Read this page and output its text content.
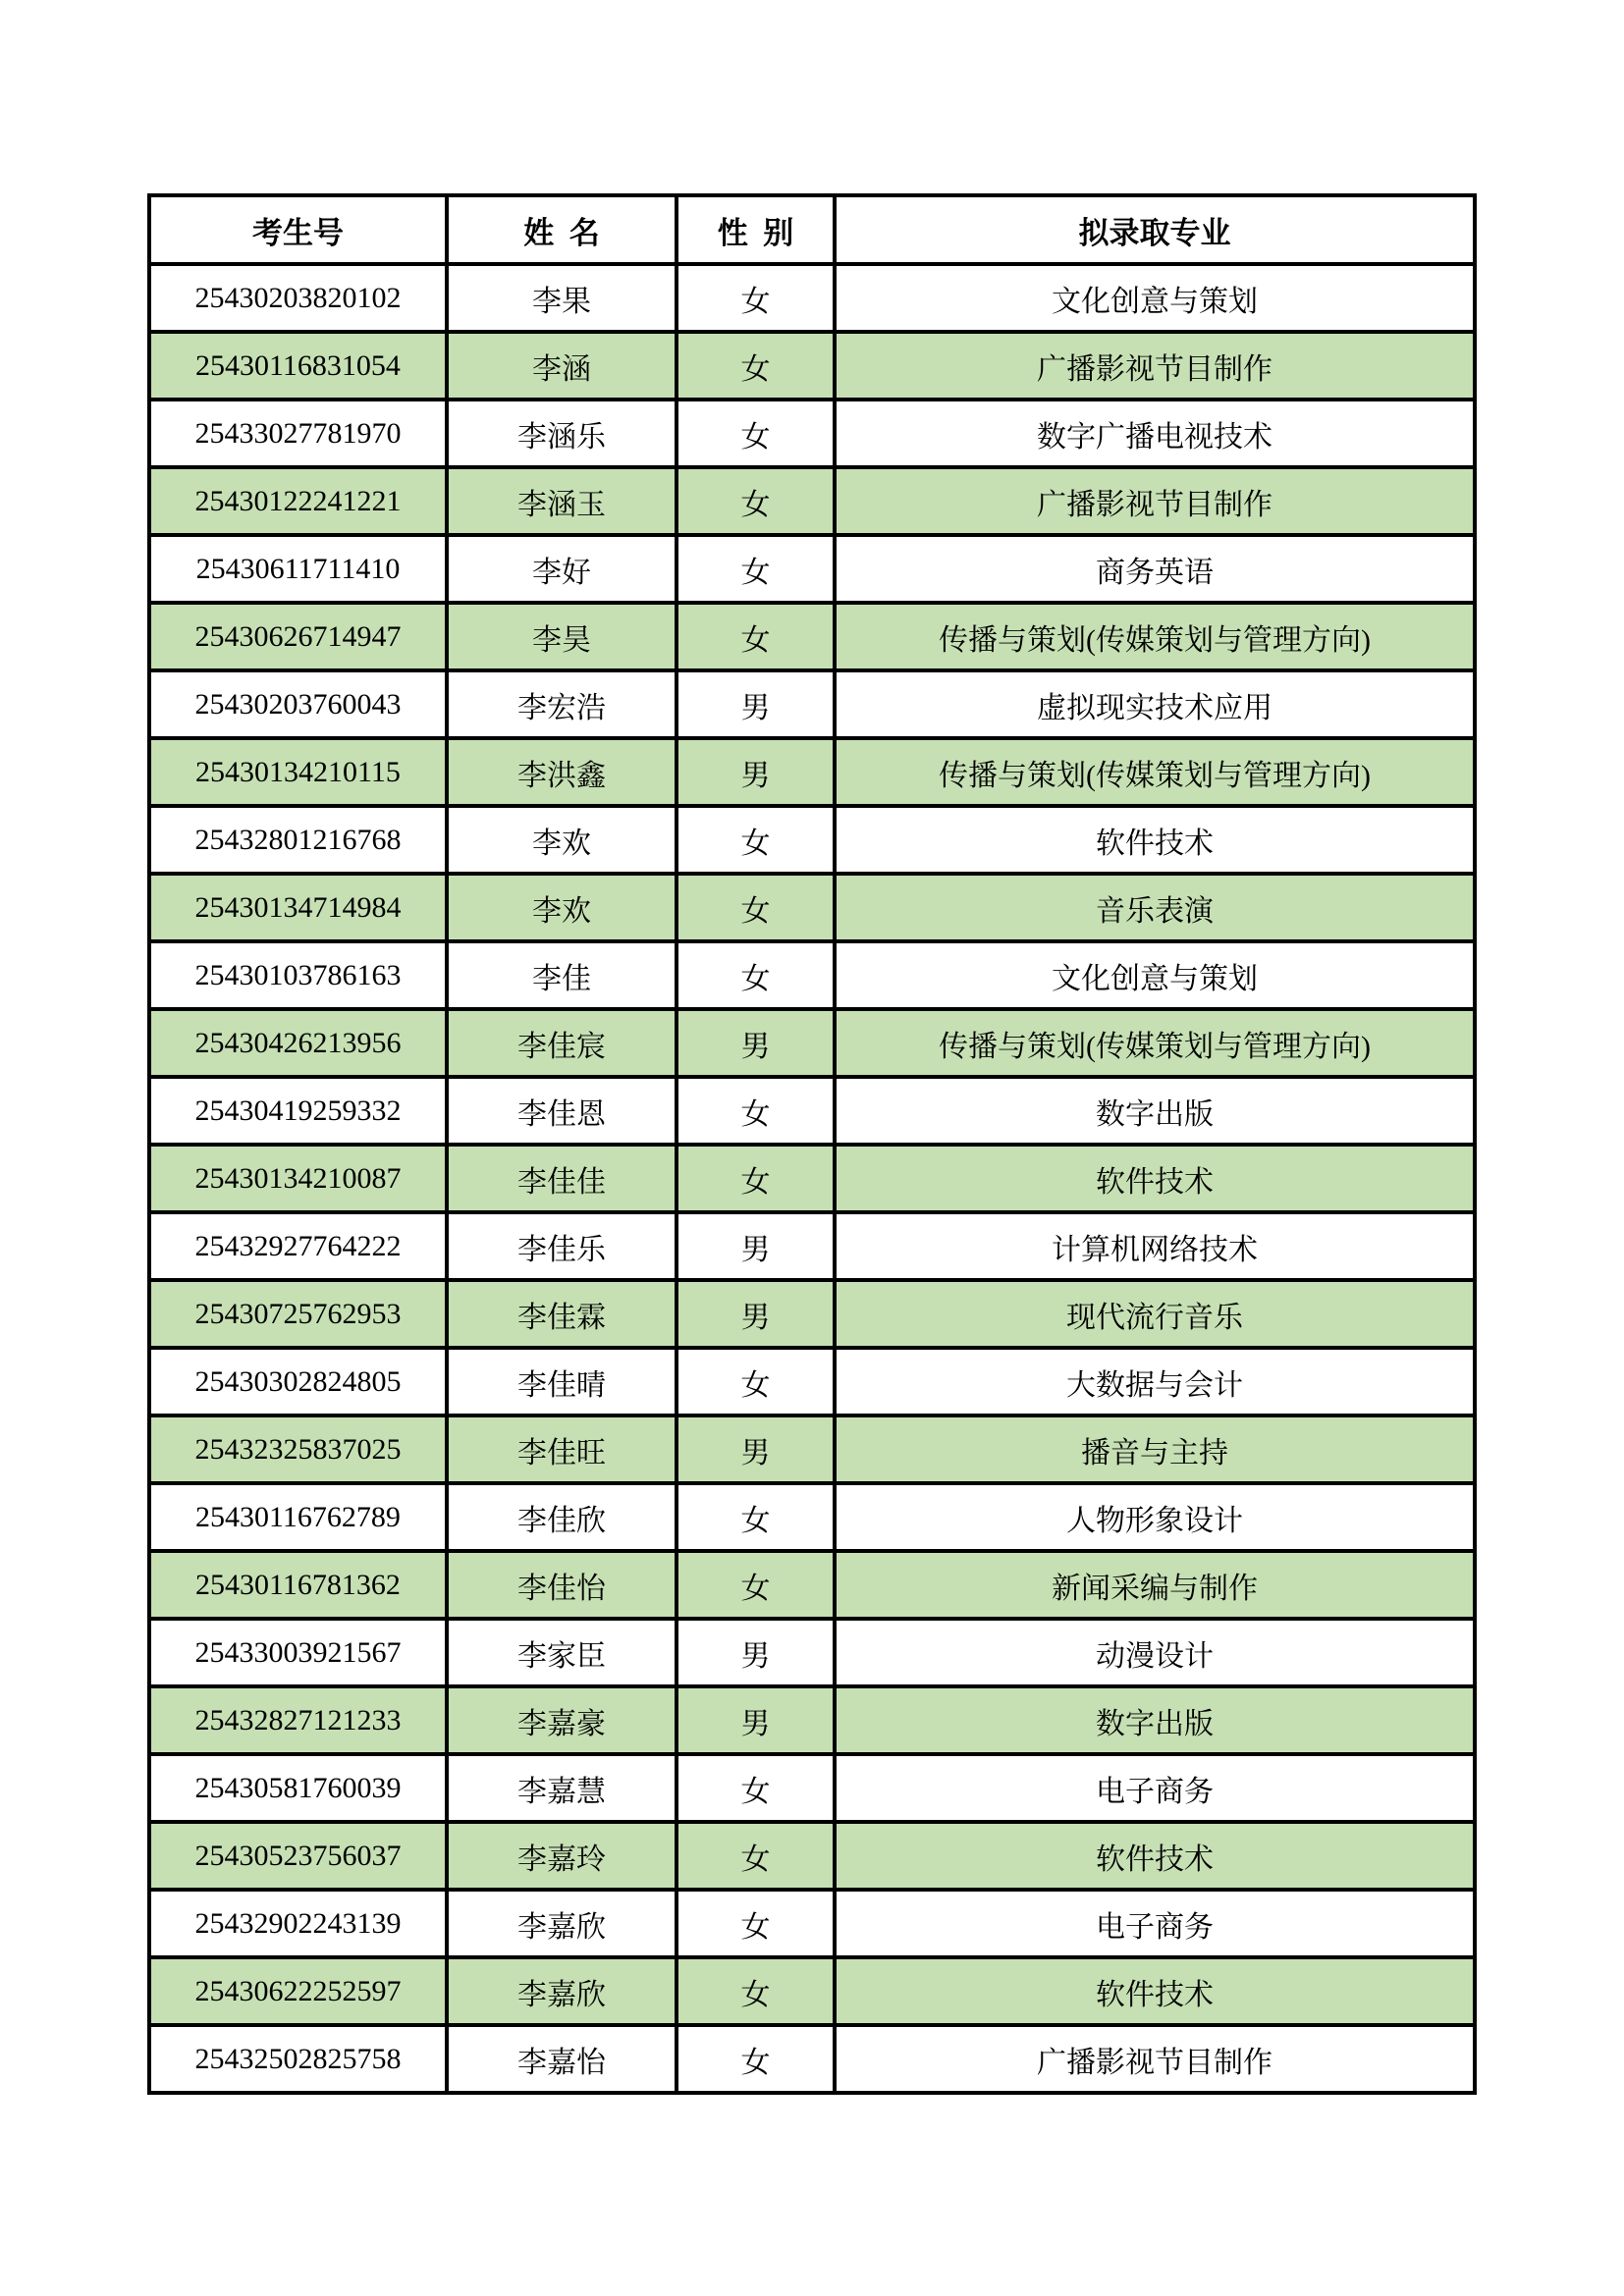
考生号	姓  名	性  别	拟录取专业
25430203820102	李果	女	文化创意与策划
25430116831054	李涵	女	广播影视节目制作
25433027781970	李涵乐	女	数字广播电视技术
25430122241221	李涵玉	女	广播影视节目制作
25430611711410	李好	女	商务英语
25430626714947	李昊	女	传播与策划(传媒策划与管理方向)
25430203760043	李宏浩	男	虚拟现实技术应用
25430134210115	李洪鑫	男	传播与策划(传媒策划与管理方向)
25432801216768	李欢	女	软件技术
25430134714984	李欢	女	音乐表演
25430103786163	李佳	女	文化创意与策划
25430426213956	李佳宸	男	传播与策划(传媒策划与管理方向)
25430419259332	李佳恩	女	数字出版
25430134210087	李佳佳	女	软件技术
25432927764222	李佳乐	男	计算机网络技术
25430725762953	李佳霖	男	现代流行音乐
25430302824805	李佳晴	女	大数据与会计
25432325837025	李佳旺	男	播音与主持
25430116762789	李佳欣	女	人物形象设计
25430116781362	李佳怡	女	新闻采编与制作
25433003921567	李家臣	男	动漫设计
25432827121233	李嘉豪	男	数字出版
25430581760039	李嘉慧	女	电子商务
25430523756037	李嘉玲	女	软件技术
25432902243139	李嘉欣	女	电子商务
25430622252597	李嘉欣	女	软件技术
25432502825758	李嘉怡	女	广播影视节目制作
